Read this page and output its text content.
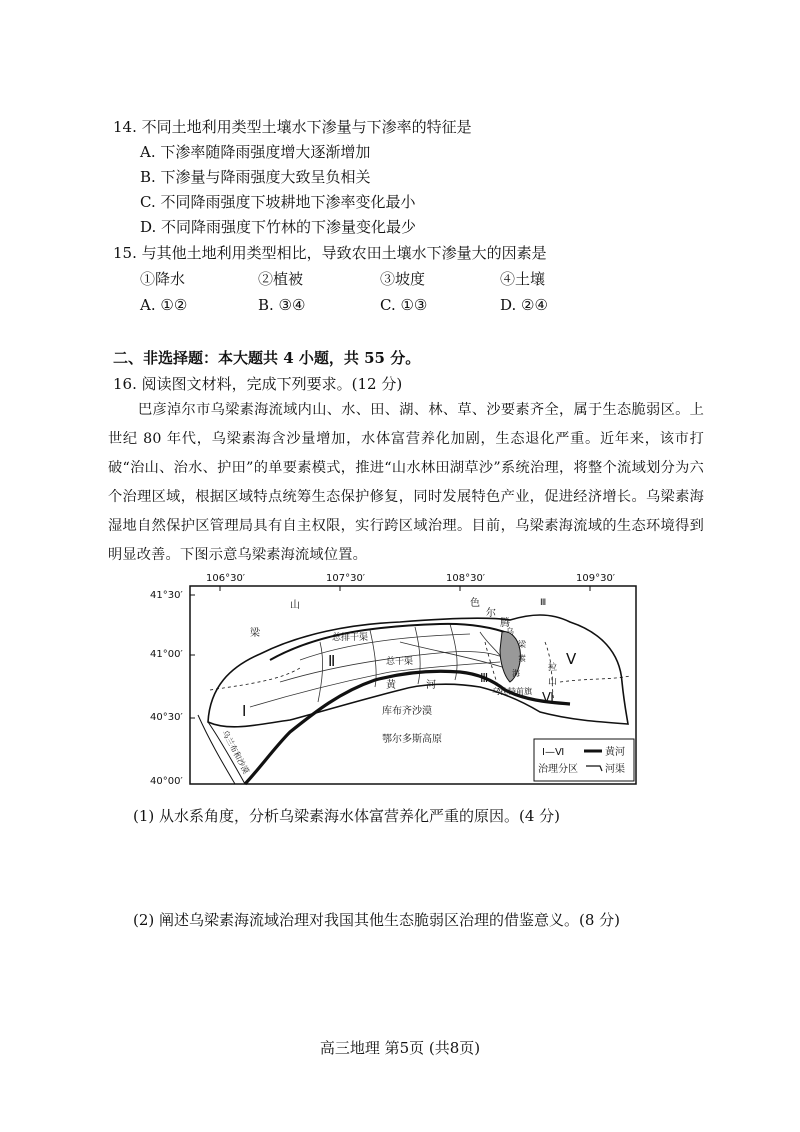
14. 不同土地利用类型土壤水下渗量与下渗率的特征是
A. 下渗率随降雨强度增大逐渐增加
B. 下渗量与降雨强度大致呈负相关
C. 不同降雨强度下坡耕地下渗率变化最小
D. 不同降雨强度下竹林的下渗量变化最少
15. 与其他土地利用类型相比，导致农田土壤水下渗量大的因素是
①降水	②植被	③坡度	④土壤
A. ①②	B. ③④	C. ①③	D. ②④
二、非选择题：本大题共 4 小题，共 55 分。
16. 阅读图文材料，完成下列要求。(12 分)
巴彦淖尔市乌梁素海流域内山、水、田、湖、林、草、沙要素齐全，属于生态脆弱区。上世纪 80 年代，乌梁素海含沙量增加，水体富营养化加剧，生态退化严重。近年来，该市打破“治山、治水、护田”的单要素模式，推进“山水林田湖草沙”系统治理，将整个流域划分为六个治理区域，根据区域特点统筹生态保护修复，同时发展特色产业，促进经济增长。乌梁素海湿地自然保护区管理局具有自主权限，实行跨区域治理。目前，乌梁素海流域的生态环境得到明显改善。下图示意乌梁素海流域位置。
106°30′	107°30′	108°30′	109°30′
41°30′
41°00′
40°30′
40°00′
山	色
尔
腾
梁	总排干渠
总干渠
黄	河
乌
梁
素
海
乌拉特前旗
拉
山
库布齐沙漠
鄂尔多斯高原
乌兰布和沙漠
Ⅰ
Ⅱ
Ⅲ
Ⅲ
Ⅴ
Ⅵ
Ⅰ—Ⅵ
治理分区
黄河
河渠
(1) 从水系角度，分析乌梁素海水体富营养化严重的原因。(4 分)
(2) 阐述乌梁素海流域治理对我国其他生态脆弱区治理的借鉴意义。(8 分)
高三地理 第5页 (共8页)
